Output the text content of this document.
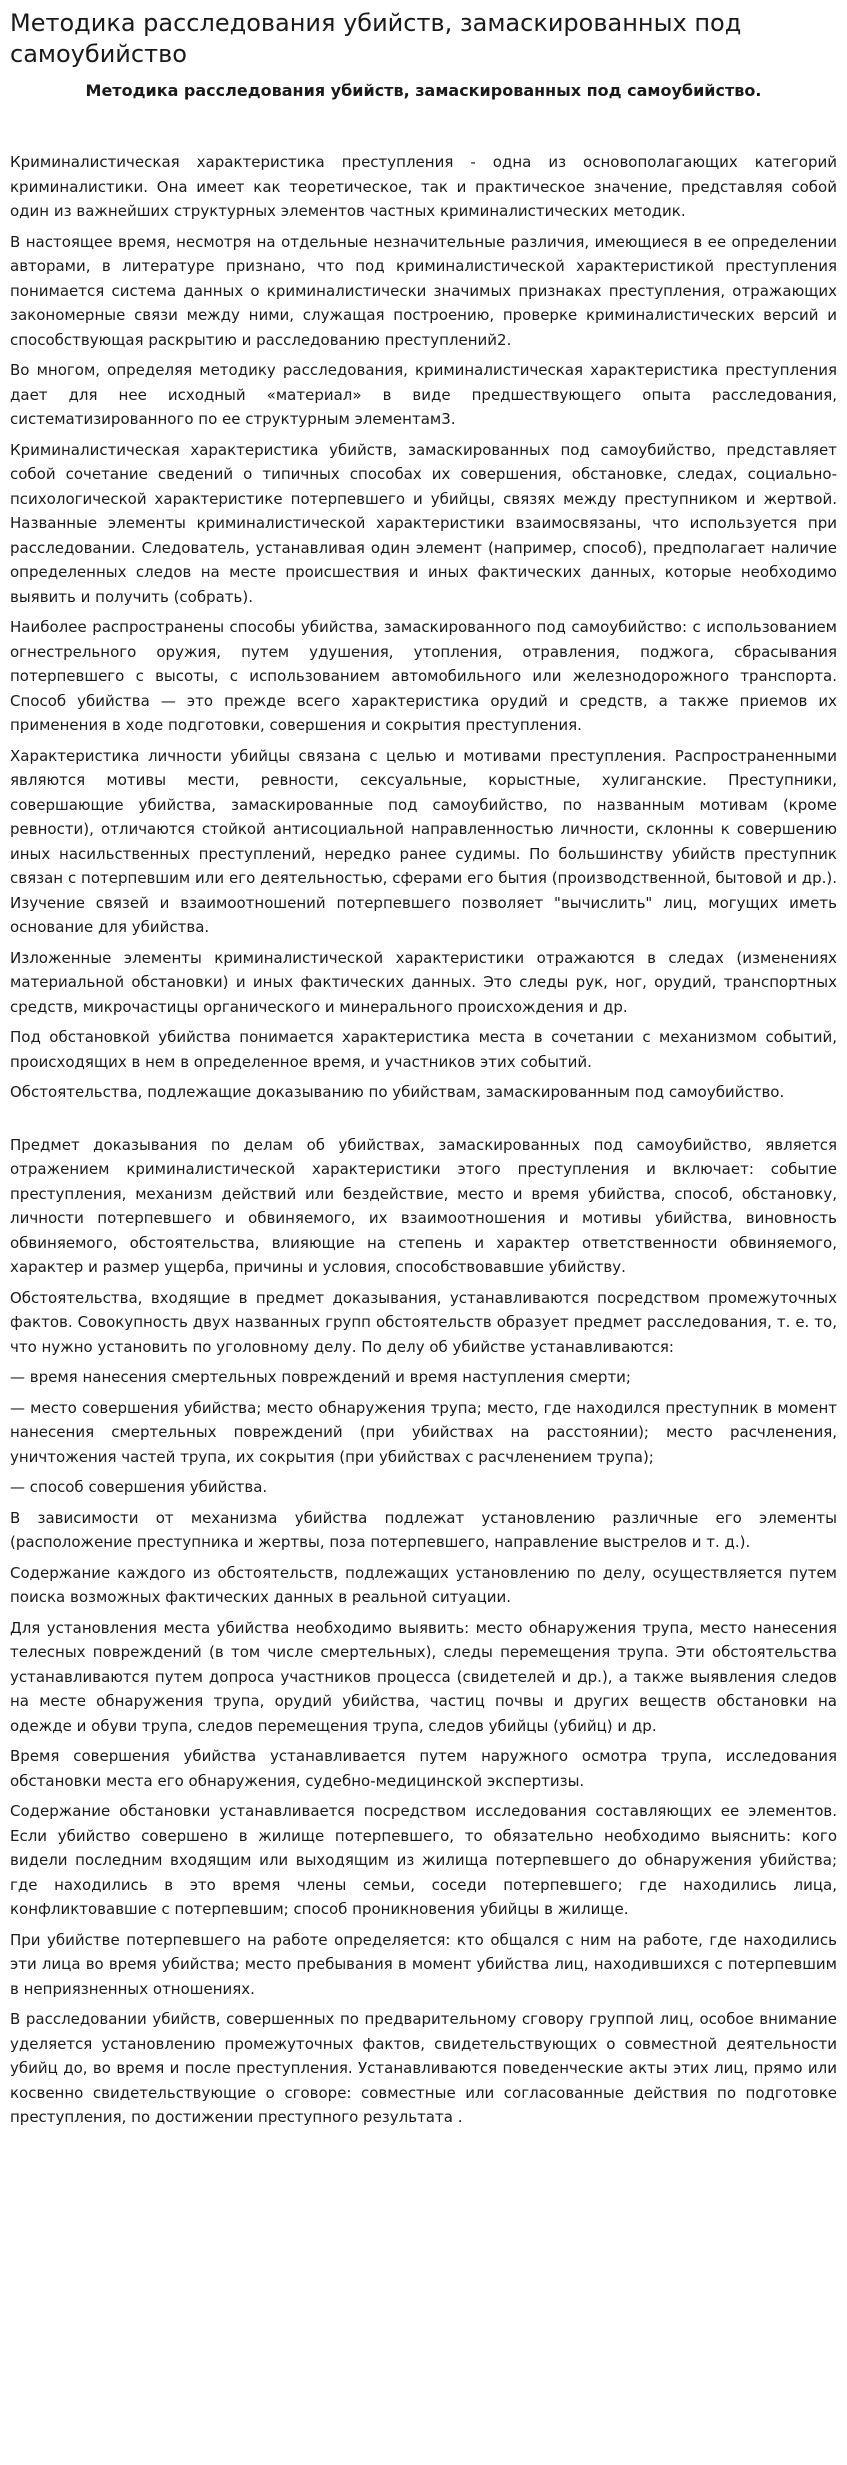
Методика расследования убийств, замаскированных под самоубийство
Методика расследования убийств, замаскированных под самоубийство.

Криминалистическая характеристика преступления - одна из основополагающих категорий криминалистики. Она имеет как теоретическое, так и практическое значение, представляя собой один из важнейших структурных элементов частных криминалистических методик.

В настоящее время, несмотря на отдельные незначительные различия, имеющиеся в ее определении авторами, в литературе признано, что под криминалистической характеристикой преступления понимается система данных о криминалистически значимых признаках преступления, отражающих закономерные связи между ними, служащая построению, проверке криминалистических версий и способствующая раскрытию и расследованию преступлений2.

Во многом, определяя методику расследования, криминалистическая характеристика преступления дает для нее исходный «материал» в виде предшествующего опыта расследования, систематизированного по ее структурным элементам3.

Криминалистическая характеристика убийств, замаскированных под самоубийство, представляет собой сочетание сведений о типичных способах их совершения, обстановке, следах, социально-психологической характеристике потерпевшего и убийцы, связях между преступником и жертвой. Названные элементы криминалистической характеристики взаимосвязаны, что используется при расследовании. Следователь, устанавливая один элемент (например, способ), предполагает наличие определенных следов на месте происшествия и иных фактических данных, которые необходимо выявить и получить (собрать).

Наиболее распространены способы убийства, замаскированного под самоубийство: с использованием огнестрельного оружия, путем удушения, утопления, отравления, поджога, сбрасывания потерпевшего с высоты, с использованием автомобильного или железнодорожного транспорта. Способ убийства — это прежде всего характеристика орудий и средств, а также приемов их применения в ходе подготовки, совершения и сокрытия преступления.

Характеристика личности убийцы связана с целью и мотивами преступления. Распространенными являются мотивы мести, ревности, сексуальные, корыстные, хулиганские. Преступники, совершающие убийства, замаскированные под самоубийство, по названным мотивам (кроме ревности), отличаются стойкой антисоциальной направленностью личности, склонны к совершению иных насильственных преступлений, нередко ранее судимы. По большинству убийств преступник связан с потерпевшим или его деятельностью, сферами его бытия (производственной, бытовой и др.). Изучение связей и взаимоотношений потерпевшего позволяет "вычислить" лиц, могущих иметь основание для убийства.

Изложенные элементы криминалистической характеристики отражаются в следах (изменениях материальной обстановки) и иных фактических данных. Это следы рук, ног, орудий, транспортных средств, микрочастицы органического и минерального происхождения и др.

Под обстановкой убийства понимается характеристика места в сочетании с механизмом событий, происходящих в нем в определенное время, и участников этих событий.

Обстоятельства, подлежащие доказыванию по убийствам, замаскированным под самоубийство.

Предмет доказывания по делам об убийствах, замаскированных под самоубийство, является отражением криминалистической характеристики этого преступления и включает: событие преступления, механизм действий или бездействие, место и время убийства, способ, обстановку, личности потерпевшего и обвиняемого, их взаимоотношения и мотивы убийства, виновность обвиняемого, обстоятельства, влияющие на степень и характер ответственности обвиняемого, характер и размер ущерба, причины и условия, способствовавшие убийству.

Обстоятельства, входящие в предмет доказывания, устанавливаются посредством промежуточных фактов. Совокупность двух названных групп обстоятельств образует предмет расследования, т. е. то, что нужно установить по уголовному делу. По делу об убийстве устанавливаются:

— время нанесения смертельных повреждений и время наступления смерти;

— место совершения убийства; место обнаружения трупа; место, где находился преступник в момент нанесения смертельных повреждений (при убийствах на расстоянии); место расчленения, уничтожения частей трупа, их сокрытия (при убийствах с расчленением трупа);

— способ совершения убийства.

В зависимости от механизма убийства подлежат установлению различные его элементы (расположение преступника и жертвы, поза потерпевшего, направление выстрелов и т. д.).

Содержание каждого из обстоятельств, подлежащих установлению по делу, осуществляется путем поиска возможных фактических данных в реальной ситуации.

Для установления места убийства необходимо выявить: место обнаружения трупа, место нанесения телесных повреждений (в том числе смертельных), следы перемещения трупа. Эти обстоятельства устанавливаются путем допроса участников процесса (свидетелей и др.), а также выявления следов на месте обнаружения трупа, орудий убийства, частиц почвы и других веществ обстановки на одежде и обуви трупа, следов перемещения трупа, следов убийцы (убийц) и др.

Время совершения убийства устанавливается путем наружного осмотра трупа, исследования обстановки места его обнаружения, судебно-медицинской экспертизы.

Содержание обстановки устанавливается посредством исследования составляющих ее элементов. Если убийство совершено в жилище потерпевшего, то обязательно необходимо выяснить: кого видели последним входящим или выходящим из жилища потерпевшего до обнаружения убийства; где находились в это время члены семьи, соседи потерпевшего; где находились лица, конфликтовавшие с потерпевшим; способ проникновения убийцы в жилище.

При убийстве потерпевшего на работе определяется: кто общался с ним на работе, где находились эти лица во время убийства; место пребывания в момент убийства лиц, находившихся с потерпевшим в неприязненных отношениях.

В расследовании убийств, совершенных по предварительному сговору группой лиц, особое внимание уделяется установлению промежуточных фактов, свидетельствующих о совместной деятельности убийц до, во время и после преступления. Устанавливаются поведенческие акты этих лиц, прямо или косвенно свидетельствующие о сговоре: совместные или согласованные действия по подготовке преступления, по достижении преступного результата .
